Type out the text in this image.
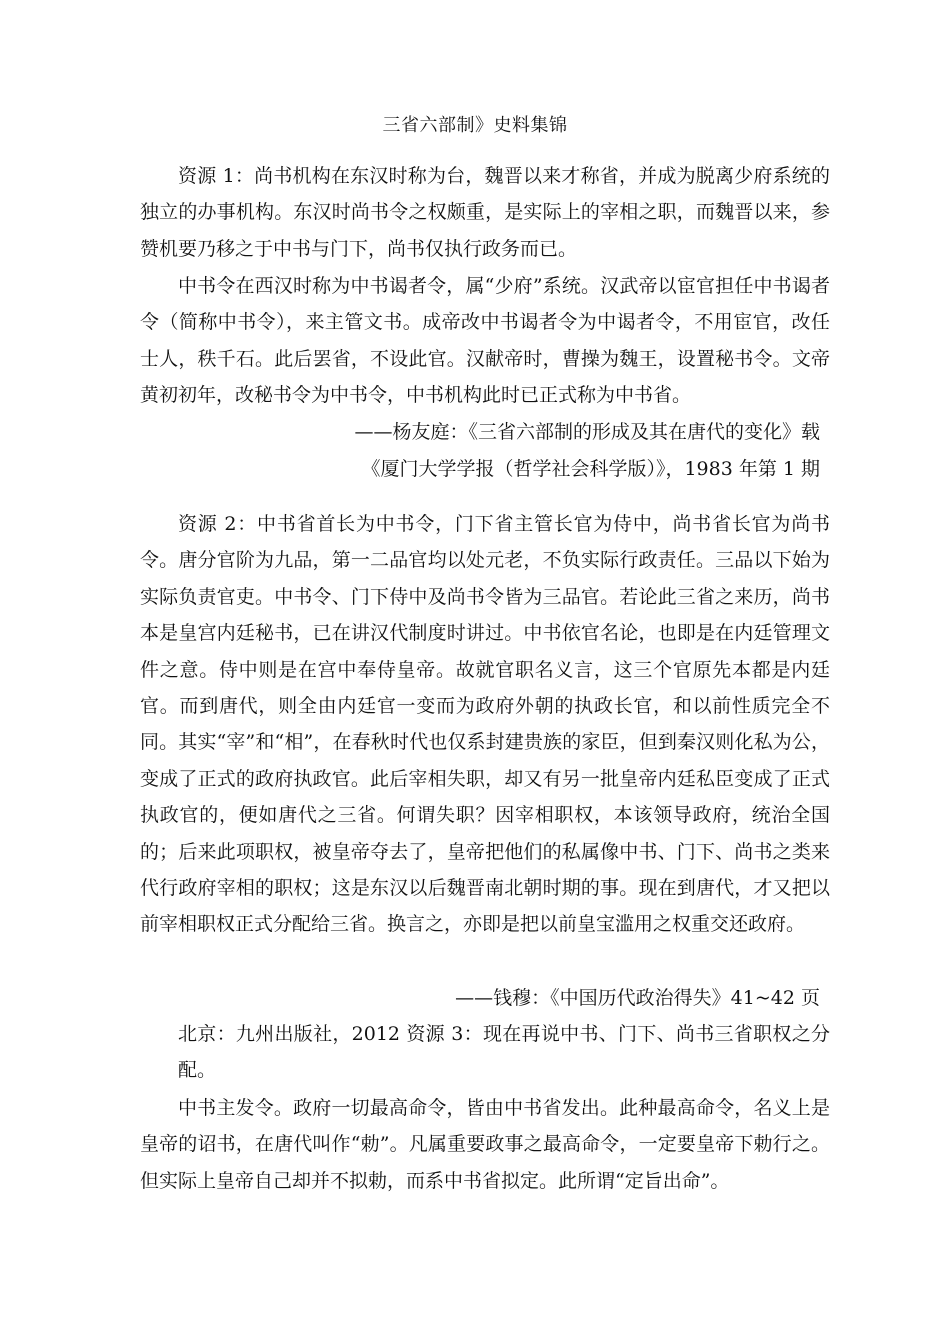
三省六部制》史料集锦
资源 1：尚书机构在东汉时称为台，魏晋以来才称省，并成为脱离少府系统的独立的办事机构。东汉时尚书令之权颇重，是实际上的宰相之职，而魏晋以来，参赞机要乃移之于中书与门下，尚书仅执行政务而已。
中书令在西汉时称为中书谒者令，属“少府”系统。汉武帝以宦官担任中书谒者令（简称中书令），来主管文书。成帝改中书谒者令为中谒者令，不用宦官，改任士人，秩千石。此后罢省，不设此官。汉献帝时，曹操为魏王，设置秘书令。文帝黄初初年，改秘书令为中书令，中书机构此时已正式称为中书省。
——杨友庭：《三省六部制的形成及其在唐代的变化》载
《厦门大学学报（哲学社会科学版）》，1983 年第 1 期
资源 2：中书省首长为中书令，门下省主管长官为侍中，尚书省长官为尚书令。唐分官阶为九品，第一二品官均以处元老，不负实际行政责任。三品以下始为实际负责官吏。中书令、门下侍中及尚书令皆为三品官。若论此三省之来历，尚书本是皇宫内廷秘书，已在讲汉代制度时讲过。中书依官名论，也即是在内廷管理文件之意。侍中则是在宫中奉侍皇帝。故就官职名义言，这三个官原先本都是内廷官。而到唐代，则全由内廷官一变而为政府外朝的执政长官，和以前性质完全不同。其实“宰”和“相”，在春秋时代也仅系封建贵族的家臣，但到秦汉则化私为公，变成了正式的政府执政官。此后宰相失职，却又有另一批皇帝内廷私臣变成了正式执政官的，便如唐代之三省。何谓失职？因宰相职权，本该领导政府，统治全国的；后来此项职权，被皇帝夺去了，皇帝把他们的私属像中书、门下、尚书之类来代行政府宰相的职权；这是东汉以后魏晋南北朝时期的事。现在到唐代，才又把以前宰相职权正式分配给三省。换言之，亦即是把以前皇宝滥用之权重交还政府。
——钱穆：《中国历代政治得失》41~42 页
北京：九州出版社，2012 资源 3：现在再说中书、门下、尚书三省职权之分配。
中书主发令。政府一切最高命令，皆由中书省发出。此种最高命令，名义上是皇帝的诏书，在唐代叫作“勅”。凡属重要政事之最高命令，一定要皇帝下勅行之。但实际上皇帝自己却并不拟勅，而系中书省拟定。此所谓“定旨出命”。
